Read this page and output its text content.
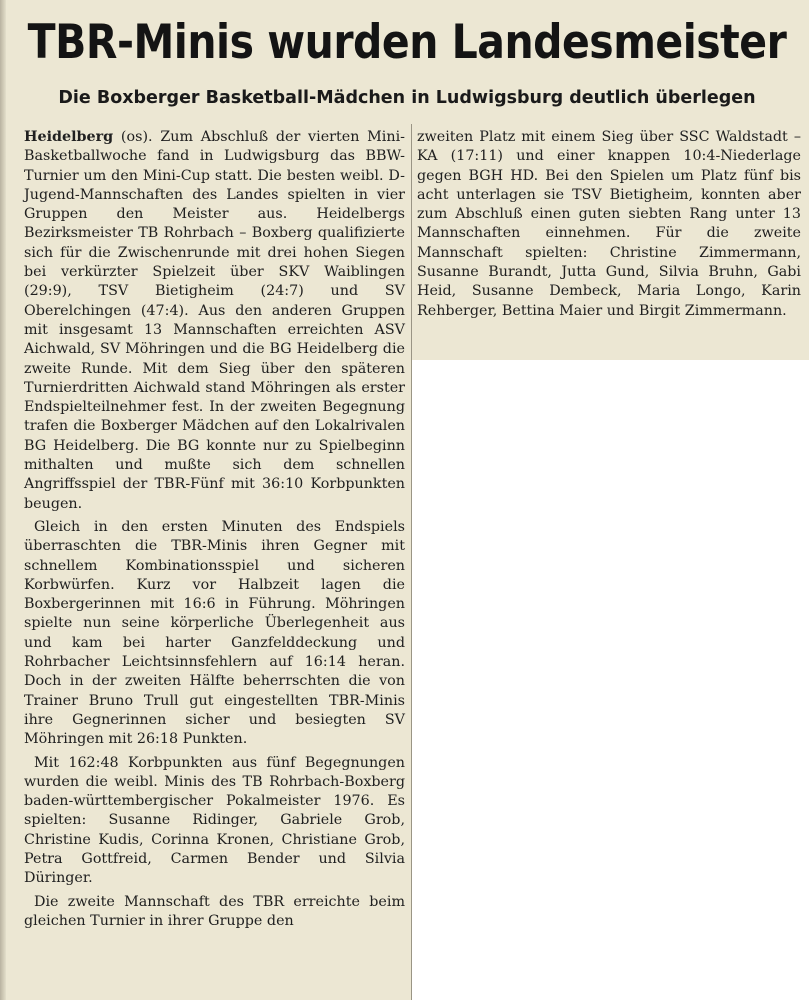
TBR-Minis wurden Landesmeister
Die Boxberger Basketball-Mädchen in Ludwigsburg deutlich überlegen

Heidelberg (os). Zum Abschluß der vierten Mini-Basketballwoche fand in Ludwigsburg das BBW-Turnier um den Mini-Cup statt. Die besten weibl. D-Jugend-Mannschaften des Landes spielten in vier Gruppen den Meister aus. Heidelbergs Bezirksmeister TB Rohrbach – Boxberg qualifizierte sich für die Zwischenrunde mit drei hohen Siegen bei verkürzter Spielzeit über SKV Waiblingen (29:9), TSV Bietigheim (24:7) und SV Oberelchingen (47:4). Aus den anderen Gruppen mit insgesamt 13 Mannschaften erreichten ASV Aichwald, SV Möhringen und die BG Heidelberg die zweite Runde. Mit dem Sieg über den späteren Turnierdritten Aichwald stand Möhringen als erster Endspielteilnehmer fest. In der zweiten Begegnung trafen die Boxberger Mädchen auf den Lokalrivalen BG Heidelberg. Die BG konnte nur zu Spielbeginn mithalten und mußte sich dem schnellen Angriffsspiel der TBR-Fünf mit 36:10 Korbpunkten beugen.

Gleich in den ersten Minuten des Endspiels überraschten die TBR-Minis ihren Gegner mit schnellem Kombinationsspiel und sicheren Korbwürfen. Kurz vor Halbzeit lagen die Boxbergerinnen mit 16:6 in Führung. Möhringen spielte nun seine körperliche Überlegenheit aus und kam bei harter Ganzfelddeckung und Rohrbacher Leichtsinnsfehlern auf 16:14 heran. Doch in der zweiten Hälfte beherrschten die von Trainer Bruno Trull gut eingestellten TBR-Minis ihre Gegnerinnen sicher und besiegten SV Möhringen mit 26:18 Punkten.

Mit 162:48 Korbpunkten aus fünf Begegnungen wurden die weibl. Minis des TB Rohrbach-Boxberg baden-württembergischer Pokalmeister 1976. Es spielten: Susanne Ridinger, Gabriele Grob, Christine Kudis, Corinna Kronen, Christiane Grob, Petra Gottfreid, Carmen Bender und Silvia Düringer.

Die zweite Mannschaft des TBR erreichte beim gleichen Turnier in ihrer Gruppe den

zweiten Platz mit einem Sieg über SSC Waldstadt – KA (17:11) und einer knappen 10:4-Niederlage gegen BGH HD. Bei den Spielen um Platz fünf bis acht unterlagen sie TSV Bietigheim, konnten aber zum Abschluß einen guten siebten Rang unter 13 Mannschaften einnehmen. Für die zweite Mannschaft spielten: Christine Zimmermann, Susanne Burandt, Jutta Gund, Silvia Bruhn, Gabi Heid, Susanne Dembeck, Maria Longo, Karin Rehberger, Bettina Maier und Birgit Zimmermann.
